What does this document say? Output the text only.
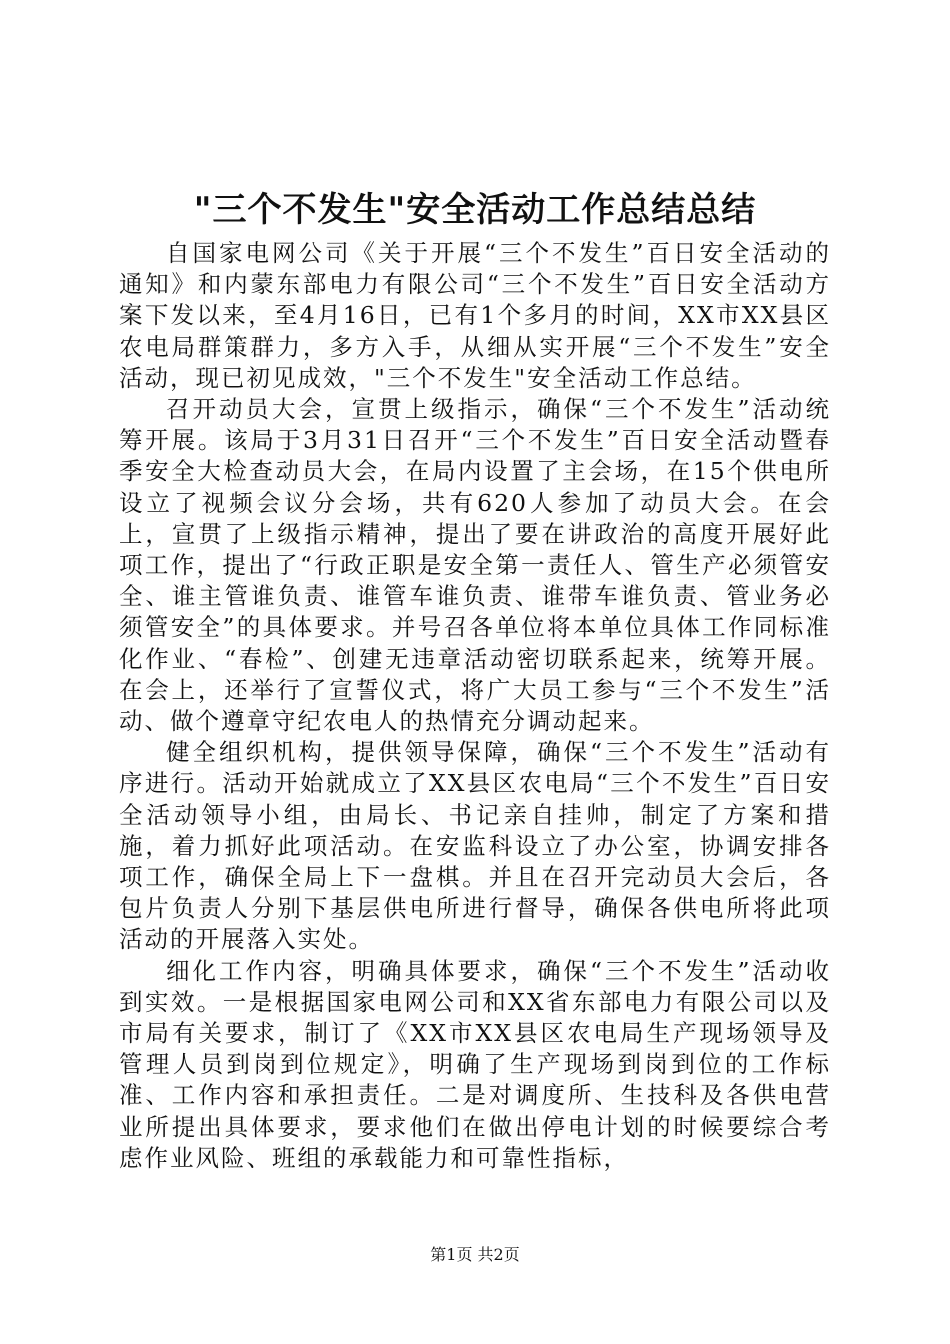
"三个不发生"安全活动工作总结总结

自国家电网公司《关于开展“三个不发生”百日安全活动的通知》和内蒙东部电力有限公司“三个不发生”百日安全活动方案下发以来，至4月16日，已有1个多月的时间，XX市XX县区农电局群策群力，多方入手，从细从实开展“三个不发生”安全活动，现已初见成效，"三个不发生"安全活动工作总结。

召开动员大会，宣贯上级指示，确保“三个不发生”活动统筹开展。该局于3月31日召开“三个不发生”百日安全活动暨春季安全大检查动员大会，在局内设置了主会场，在15个供电所设立了视频会议分会场，共有620人参加了动员大会。在会上，宣贯了上级指示精神，提出了要在讲政治的高度开展好此项工作，提出了“行政正职是安全第一责任人、管生产必须管安全、谁主管谁负责、谁管车谁负责、谁带车谁负责、管业务必须管安全”的具体要求。并号召各单位将本单位具体工作同标准化作业、“春检”、创建无违章活动密切联系起来，统筹开展。在会上，还举行了宣誓仪式，将广大员工参与“三个不发生”活动、做个遵章守纪农电人的热情充分调动起来。

健全组织机构，提供领导保障，确保“三个不发生”活动有序进行。活动开始就成立了XX县区农电局“三个不发生”百日安全活动领导小组，由局长、书记亲自挂帅，制定了方案和措施，着力抓好此项活动。在安监科设立了办公室，协调安排各项工作，确保全局上下一盘棋。并且在召开完动员大会后，各包片负责人分别下基层供电所进行督导，确保各供电所将此项活动的开展落入实处。

细化工作内容，明确具体要求，确保“三个不发生”活动收到实效。一是根据国家电网公司和XX省东部电力有限公司以及市局有关要求，制订了《XX市XX县区农电局生产现场领导及管理人员到岗到位规定》，明确了生产现场到岗到位的工作标准、工作内容和承担责任。二是对调度所、生技科及各供电营业所提出具体要求，要求他们在做出停电计划的时候要综合考虑作业风险、班组的承载能力和可靠性指标，

第1页 共2页
